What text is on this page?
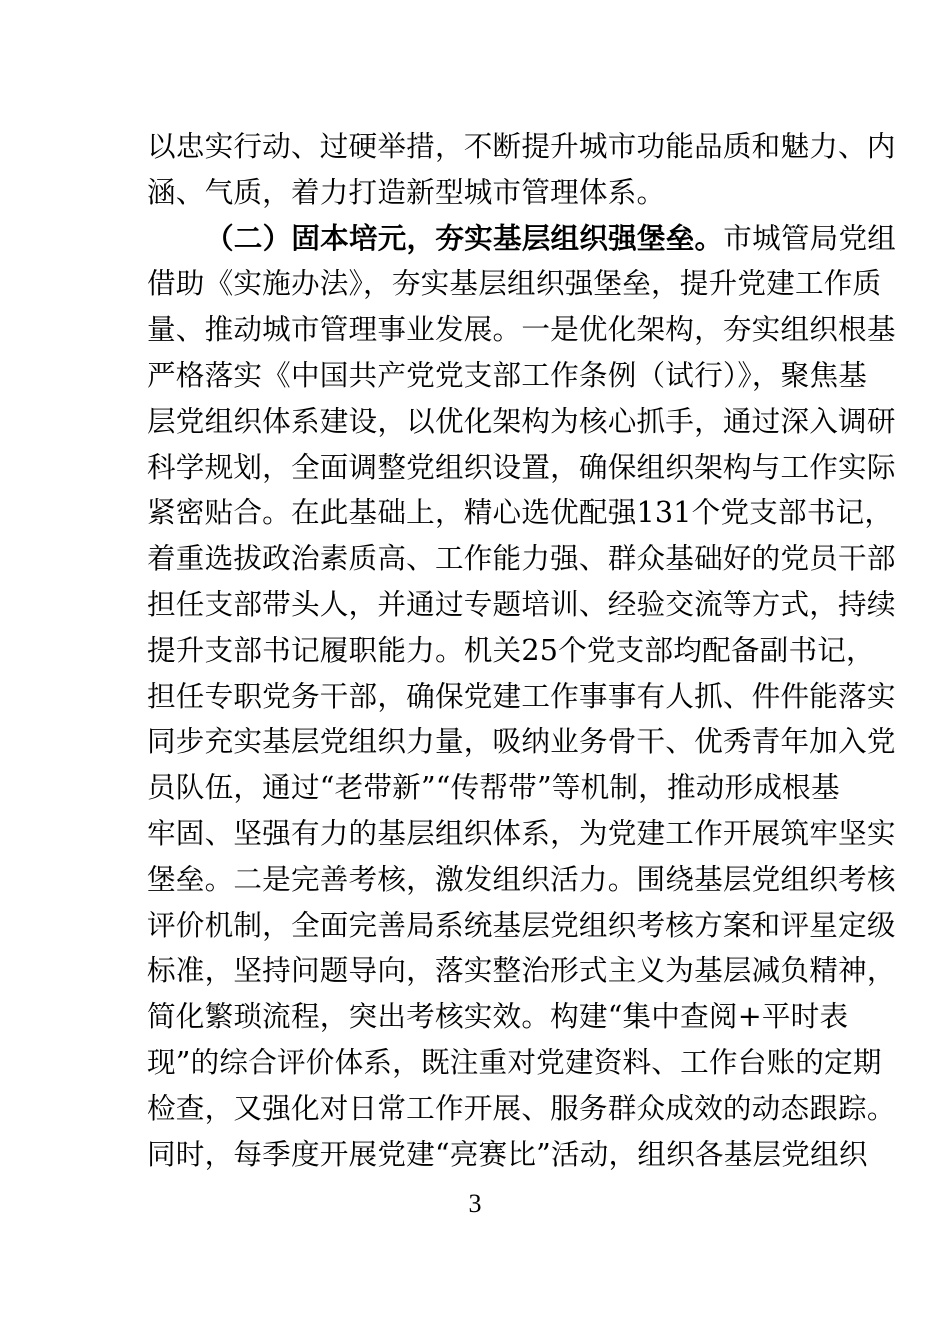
以忠实行动、过硬举措，不断提升城市功能品质和魅力、内
涵、气质，着力打造新型城市管理体系。
（二）固本培元，夯实基层组织强堡垒。市城管局党组
借助《实施办法》，夯实基层组织强堡垒，提升党建工作质
量、推动城市管理事业发展。一是优化架构，夯实组织根基
严格落实《中国共产党党支部工作条例（试行）》，聚焦基
层党组织体系建设，以优化架构为核心抓手，通过深入调研
科学规划，全面调整党组织设置，确保组织架构与工作实际
紧密贴合。在此基础上，精心选优配强131个党支部书记，
着重选拔政治素质高、工作能力强、群众基础好的党员干部
担任支部带头人，并通过专题培训、经验交流等方式，持续
提升支部书记履职能力。机关25个党支部均配备副书记，
担任专职党务干部，确保党建工作事事有人抓、件件能落实
同步充实基层党组织力量，吸纳业务骨干、优秀青年加入党
员队伍，通过“老带新”“传帮带”等机制，推动形成根基
牢固、坚强有力的基层组织体系，为党建工作开展筑牢坚实
堡垒。二是完善考核，激发组织活力。围绕基层党组织考核
评价机制，全面完善局系统基层党组织考核方案和评星定级
标准，坚持问题导向，落实整治形式主义为基层减负精神，
简化繁琐流程，突出考核实效。构建“集中查阅+平时表
现”的综合评价体系，既注重对党建资料、工作台账的定期
检查，又强化对日常工作开展、服务群众成效的动态跟踪。
同时，每季度开展党建“亮赛比”活动，组织各基层党组织
3
